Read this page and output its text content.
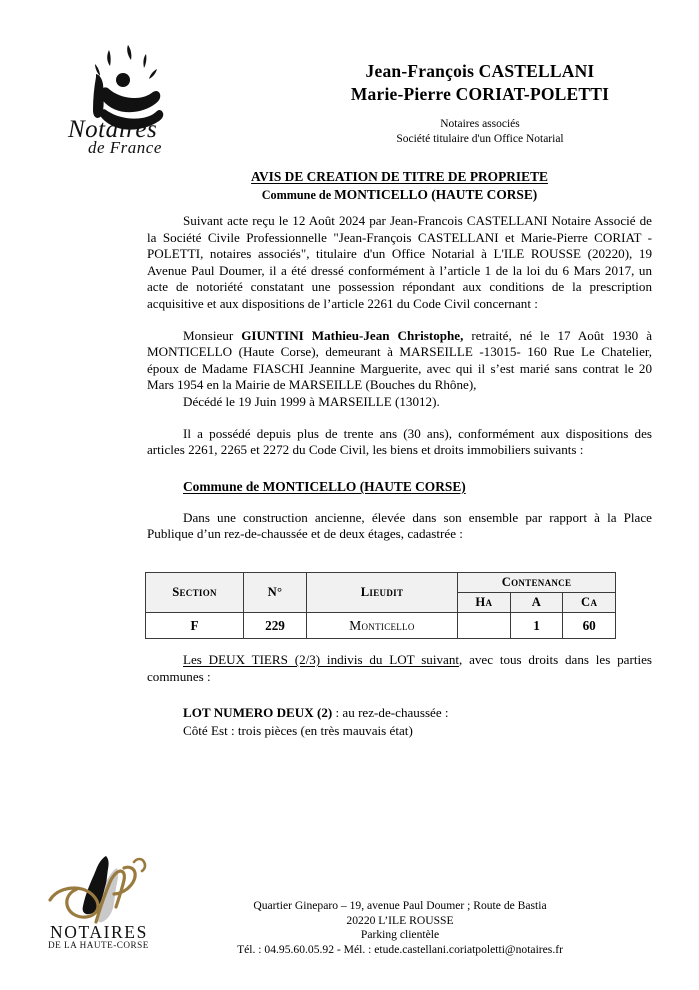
Notaires
de France
Jean-François CASTELLANI
Marie-Pierre CORIAT-POLETTI
Notaires associés
Société titulaire d'un Office Notarial
AVIS DE CREATION DE TITRE DE PROPRIETE
Commune de MONTICELLO (HAUTE CORSE)

Suivant acte reçu le 12 Août 2024 par Jean-Francois CASTELLANI Notaire Associé de la Société Civile Professionnelle "Jean-François CASTELLANI et Marie-Pierre CORIAT - POLETTI, notaires associés", titulaire d'un Office Notarial à L'ILE ROUSSE (20220), 19 Avenue Paul Doumer, il a été dressé conformément à l’article 1 de la loi du 6 Mars 2017, un acte de notoriété constatant une possession répondant aux conditions de la prescription acquisitive et aux dispositions de l’article 2261 du Code Civil concernant :

Monsieur GIUNTINI Mathieu-Jean Christophe, retraité, né le 17 Août 1930 à MONTICELLO (Haute Corse), demeurant à MARSEILLE -13015- 160 Rue Le Chatelier, époux de Madame FIASCHI Jeannine Marguerite, avec qui il s’est marié sans contrat le 20 Mars 1954 en la Mairie de MARSEILLE (Bouches du Rhône),

Décédé le 19 Juin 1999 à MARSEILLE (13012).

Il a possédé depuis plus de trente ans (30 ans), conformément aux dispositions des articles 2261, 2265 et 2272 du Code Civil, les biens et droits immobiliers suivants :

Commune de MONTICELLO (HAUTE CORSE)

Dans une construction ancienne, élevée dans son ensemble par rapport à la Place Publique d’un rez-de-chaussée et de deux étages, cadastrée :

Section	N°	Lieudit	Contenance		
			Ha	A	Ca
F	229	Monticello		1	60

Les DEUX TIERS (2/3) indivis du LOT suivant, avec tous droits dans les parties communes :

LOT NUMERO DEUX (2) : au rez-de-chaussée :

Côté Est : trois pièces (en très mauvais état)

NOTAIRES
DE LA HAUTE-CORSE
Quartier Gineparo – 19, avenue Paul Doumer ; Route de Bastia
20220 L’ILE ROUSSE
Parking clientèle
Tél. : 04.95.60.05.92 - Mél. : etude.castellani.coriatpoletti@notaires.fr
